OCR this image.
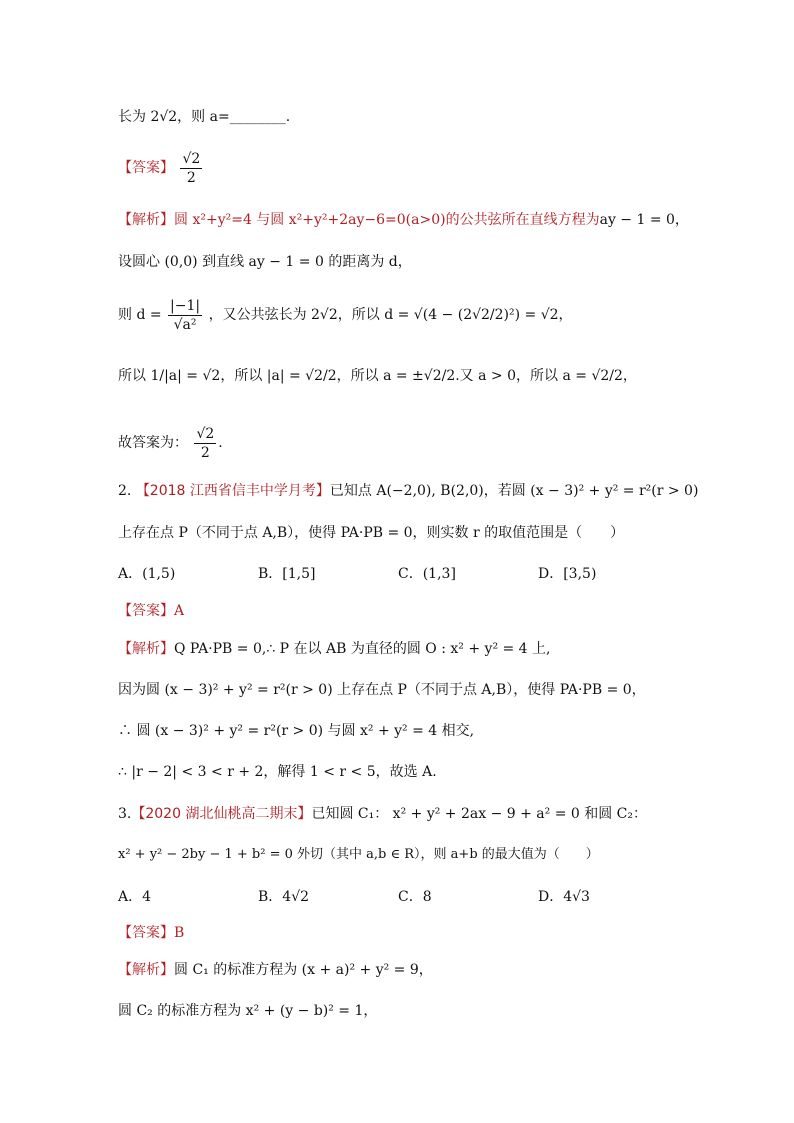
长为 2√2，则 a=________.
【答案】 $\frac{√2}{2}$
【解析】圆 x²+y²=4 与圆 x²+y²+2ay−6=0(a>0)的公共弦所在直线方程为ay − 1 = 0，
设圆心 (0,0) 到直线 ay − 1 = 0 的距离为 d，
则 $d = \frac{|-1|}{\text{√a²}}$ ，又公共弦长为 2√2，所以 d = √(4 − (2√2/2)²) = √2，
所以 1/|a| = √2，所以 |a| = √2/2，所以 a = ±√2/2.又 a > 0，所以 a = √2/2，
故答案为： $\frac{√2}{2}$ .
2. 【2018 江西省信丰中学月考】已知点 A(−2,0), B(2,0)，若圆 (x − 3)² + y² = r²(r > 0)
上存在点 P（不同于点 A,B），使得 PA·PB = 0，则实数 r 的取值范围是（　　）
A．(1,5)	B．[1,5]	C．(1,3]	D．[3,5)
【答案】A
【解析】Q PA·PB = 0,∴ P 在以 AB 为直径的圆 O : x² + y² = 4 上,
因为圆 (x − 3)² + y² = r²(r > 0) 上存在点 P（不同于点 A,B），使得 PA·PB = 0，
∴ 圆 (x − 3)² + y² = r²(r > 0) 与圆 x² + y² = 4 相交,
∴ |r − 2| < 3 < r + 2，解得 1 < r < 5，故选 A.
3.【2020 湖北仙桃高二期末】已知圆 C₁： x² + y² + 2ax − 9 + a² = 0 和圆 C₂：
x² + y² − 2by − 1 + b² = 0 外切（其中 a,b ∈ R），则 a+b 的最大值为（　　）
A．4	B．4√2	C．8	D．4√3
【答案】B
【解析】圆 C₁ 的标准方程为 (x + a)² + y² = 9，
圆 C₂ 的标准方程为 x² + (y − b)² = 1，
